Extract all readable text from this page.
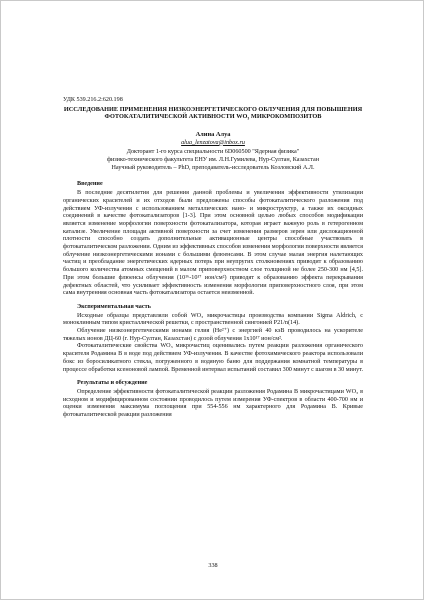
УДК 539.216.2:620.198
ИССЛЕДОВАНИЕ ПРИМЕНЕНИЯ НИЗКОЭНЕРГЕТИЧЕСКОГО ОБЛУЧЕНИЯ ДЛЯ ПОВЫШЕНИЯ ФОТОКАТАЛИТИЧЕСКОЙ АКТИВНОСТИ WO₃ МИКРОКОМПОЗИТОВ
Алина Алуа
alua_lenzatova@inbox.ru
Докторант 1-го курса специальности 6D060500 "Ядерная физика"
физико-технического факультета ЕНУ им. Л.Н.Гумилева, Нур-Султан, Казахстан
Научный руководитель – PhD, преподаватель-исследователь Козловский А.Л.
Введение

В последние десятилетия для решения данной проблемы и увеличения эффективности утилизации органических красителей и их отходов были предложены способы фотокаталитического разложения под действием УФ-излучения с использованием металлических нано- и микроструктур, а также их оксидных соединений в качестве фотокатализаторов [1-3]. При этом основной целью любых способов модификации является изменение морфологии поверхности фотокатализатора, которая играет важную роль в гетерогенном катализе. Увеличение площади активной поверхности за счет изменения размеров зерен или дислокационной плотности способно создать дополнительные активационные центры способные участвовать в фотокаталитическом разложении. Одним из эффективных способов изменения морфологии поверхности является облучение низкоэнергетическими ионами с большими флюенсами. В этом случае малая энергия налетающих частиц и преобладание энергетических ядерных потерь при неупругих столкновениях приводит к образованию большого количества атомных смещений в малом приповерхностном слое толщиной не более 250-300 нм [4,5]. При этом большие флюенсы облучения (10¹⁶-10¹⁷ ион/см²) приводят к образованию эффекта перекрывания дефектных областей, что усиливает эффективность изменения морфологии приповерхностного слоя, при этом сама внутренняя основная часть фотокатализатора остается неизменной.

Экспериментальная часть

Исходные образцы представляли собой WO₃ микрочастицы производства компании Sigma Aldrich, с моноклинным типом кристаллической решетки, с пространственной сингонией P21/n(14).

Облучение низкоэнергетическими ионами гелия (He²⁺) с энергией 40 кэВ проводилось на ускорителе тяжелых ионов ДЦ-60 (г. Нур-Султан, Казахстан) с дозой облучения 1x10¹⁷ ион/см².

Фотокаталитические свойства WO₃ микрочастиц оценивались путем реакции разложения органического красителя Родамина В в воде под действием УФ-излучения. В качестве фотохимического реактора использовали бокс из боросиликатного стекла, погруженного в водяную баню для поддержания комнатной температуры в процессе обработки ксеноновой лампой. Временной интервал испытаний составил 300 минут с шагом в 30 минут.

Результаты и обсуждение

Определение эффективности фотокаталитической реакции разложения Родамина В микрочастицами WO₃ в исходном и модифицированном состоянии проводилось путем измерения УФ-спектров в области 400-700 нм и оценки изменения максимума поглощения при 554-556 нм характерного для Родамина В. Кривые фотокаталитической реакции разложения

338
